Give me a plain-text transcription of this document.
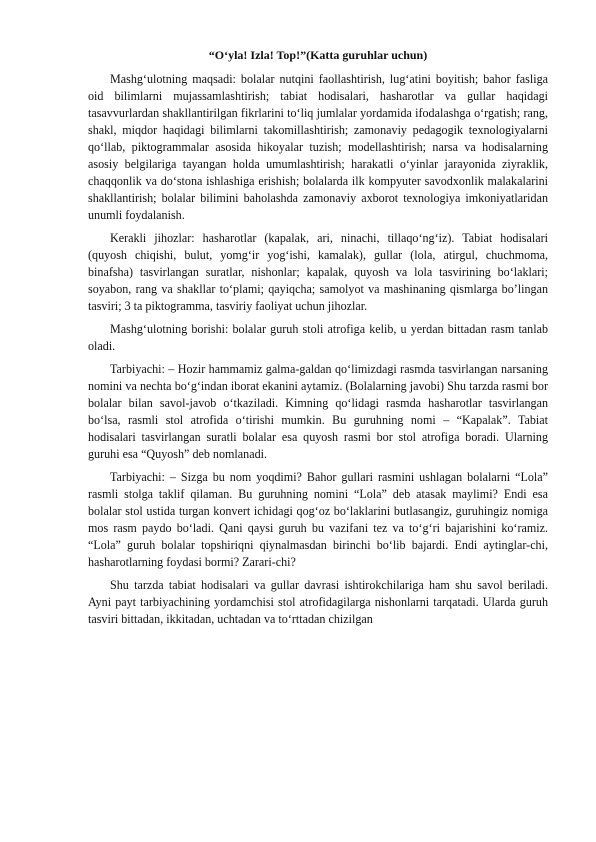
“O‘yla! Izla! Top!”(Katta guruhlar uchun)

Mashg‘ulotning maqsadi: bolalar nutqini faollashtirish, lug‘atini boyitish; bahor fasliga oid bilimlarni mujassamlashtirish; tabiat hodisalari, hasharotlar va gullar haqidagi tasavvurlardan shakllantirilgan fikrlarini to‘liq jumlalar yordamida ifodalashga o‘rgatish; rang, shakl, miqdor haqidagi bilimlarni takomillashtirish; zamonaviy pedagogik texnologiyalarni qo‘llab, piktogrammalar asosida hikoyalar tuzish; modellashtirish; narsa va hodisalarning asosiy belgilariga tayangan holda umumlashtirish; harakatli o‘yinlar jarayonida ziyraklik, chaqqonlik va do‘stona ishlashiga erishish; bolalarda ilk kompyuter savodxonlik malakalarini shakllantirish; bolalar bilimini baholashda zamonaviy axborot texnologiya imkoniyatlaridan unumli foydalanish.

Kerakli jihozlar: hasharotlar (kapalak, ari, ninachi, tillaqo‘ng‘iz). Tabiat hodisalari (quyosh chiqishi, bulut, yomg‘ir yog‘ishi, kamalak), gullar (lola, atirgul, chuchmoma, binafsha) tasvirlangan suratlar, nishonlar; kapalak, quyosh va lola tasvirining bo‘laklari; soyabon, rang va shakllar to‘plami; qayiqcha; samolyot va mashinaning qismlarga bo’lingan tasviri; 3 ta piktogramma, tasviriy faoliyat uchun jihozlar.

Mashg‘ulotning borishi: bolalar guruh stoli atrofiga kelib, u yerdan bittadan rasm tanlab oladi.

Tarbiyachi: – Hozir hammamiz galma-galdan qo‘limizdagi rasmda tasvirlangan narsaning nomini va nechta bo‘g‘indan iborat ekanini aytamiz. (Bolalarning javobi) Shu tarzda rasmi bor bolalar bilan savol-javob o‘tkaziladi. Kimning qo‘lidagi rasmda hasharotlar tasvirlangan bo‘lsa, rasmli stol atrofida o‘tirishi mumkin. Bu guruhning nomi – “Kapalak”. Tabiat hodisalari tasvirlangan suratli bolalar esa quyosh rasmi bor stol atrofiga boradi. Ularning guruhi esa “Quyosh” deb nomlanadi.

Tarbiyachi: – Sizga bu nom yoqdimi? Bahor gullari rasmini ushlagan bolalarni “Lola” rasmli stolga taklif qilaman. Bu guruhning nomini “Lola” deb atasak maylimi? Endi esa bolalar stol ustida turgan konvert ichidagi qog‘oz bo‘laklarini butlasangiz, guruhingiz nomiga mos rasm paydo bo‘ladi. Qani qaysi guruh bu vazifani tez va to‘g‘ri bajarishini ko‘ramiz. “Lola” guruh bolalar topshiriqni qiynalmasdan birinchi bo‘lib bajardi. Endi aytinglar-chi, hasharotlarning foydasi bormi? Zarari-chi?

Shu tarzda tabiat hodisalari va gullar davrasi ishtirokchilariga ham shu savol beriladi. Ayni payt tarbiyachining yordamchisi stol atrofidagilarga nishonlarni tarqatadi. Ularda guruh tasviri bittadan, ikkitadan, uchtadan va to‘rttadan chizilgan
